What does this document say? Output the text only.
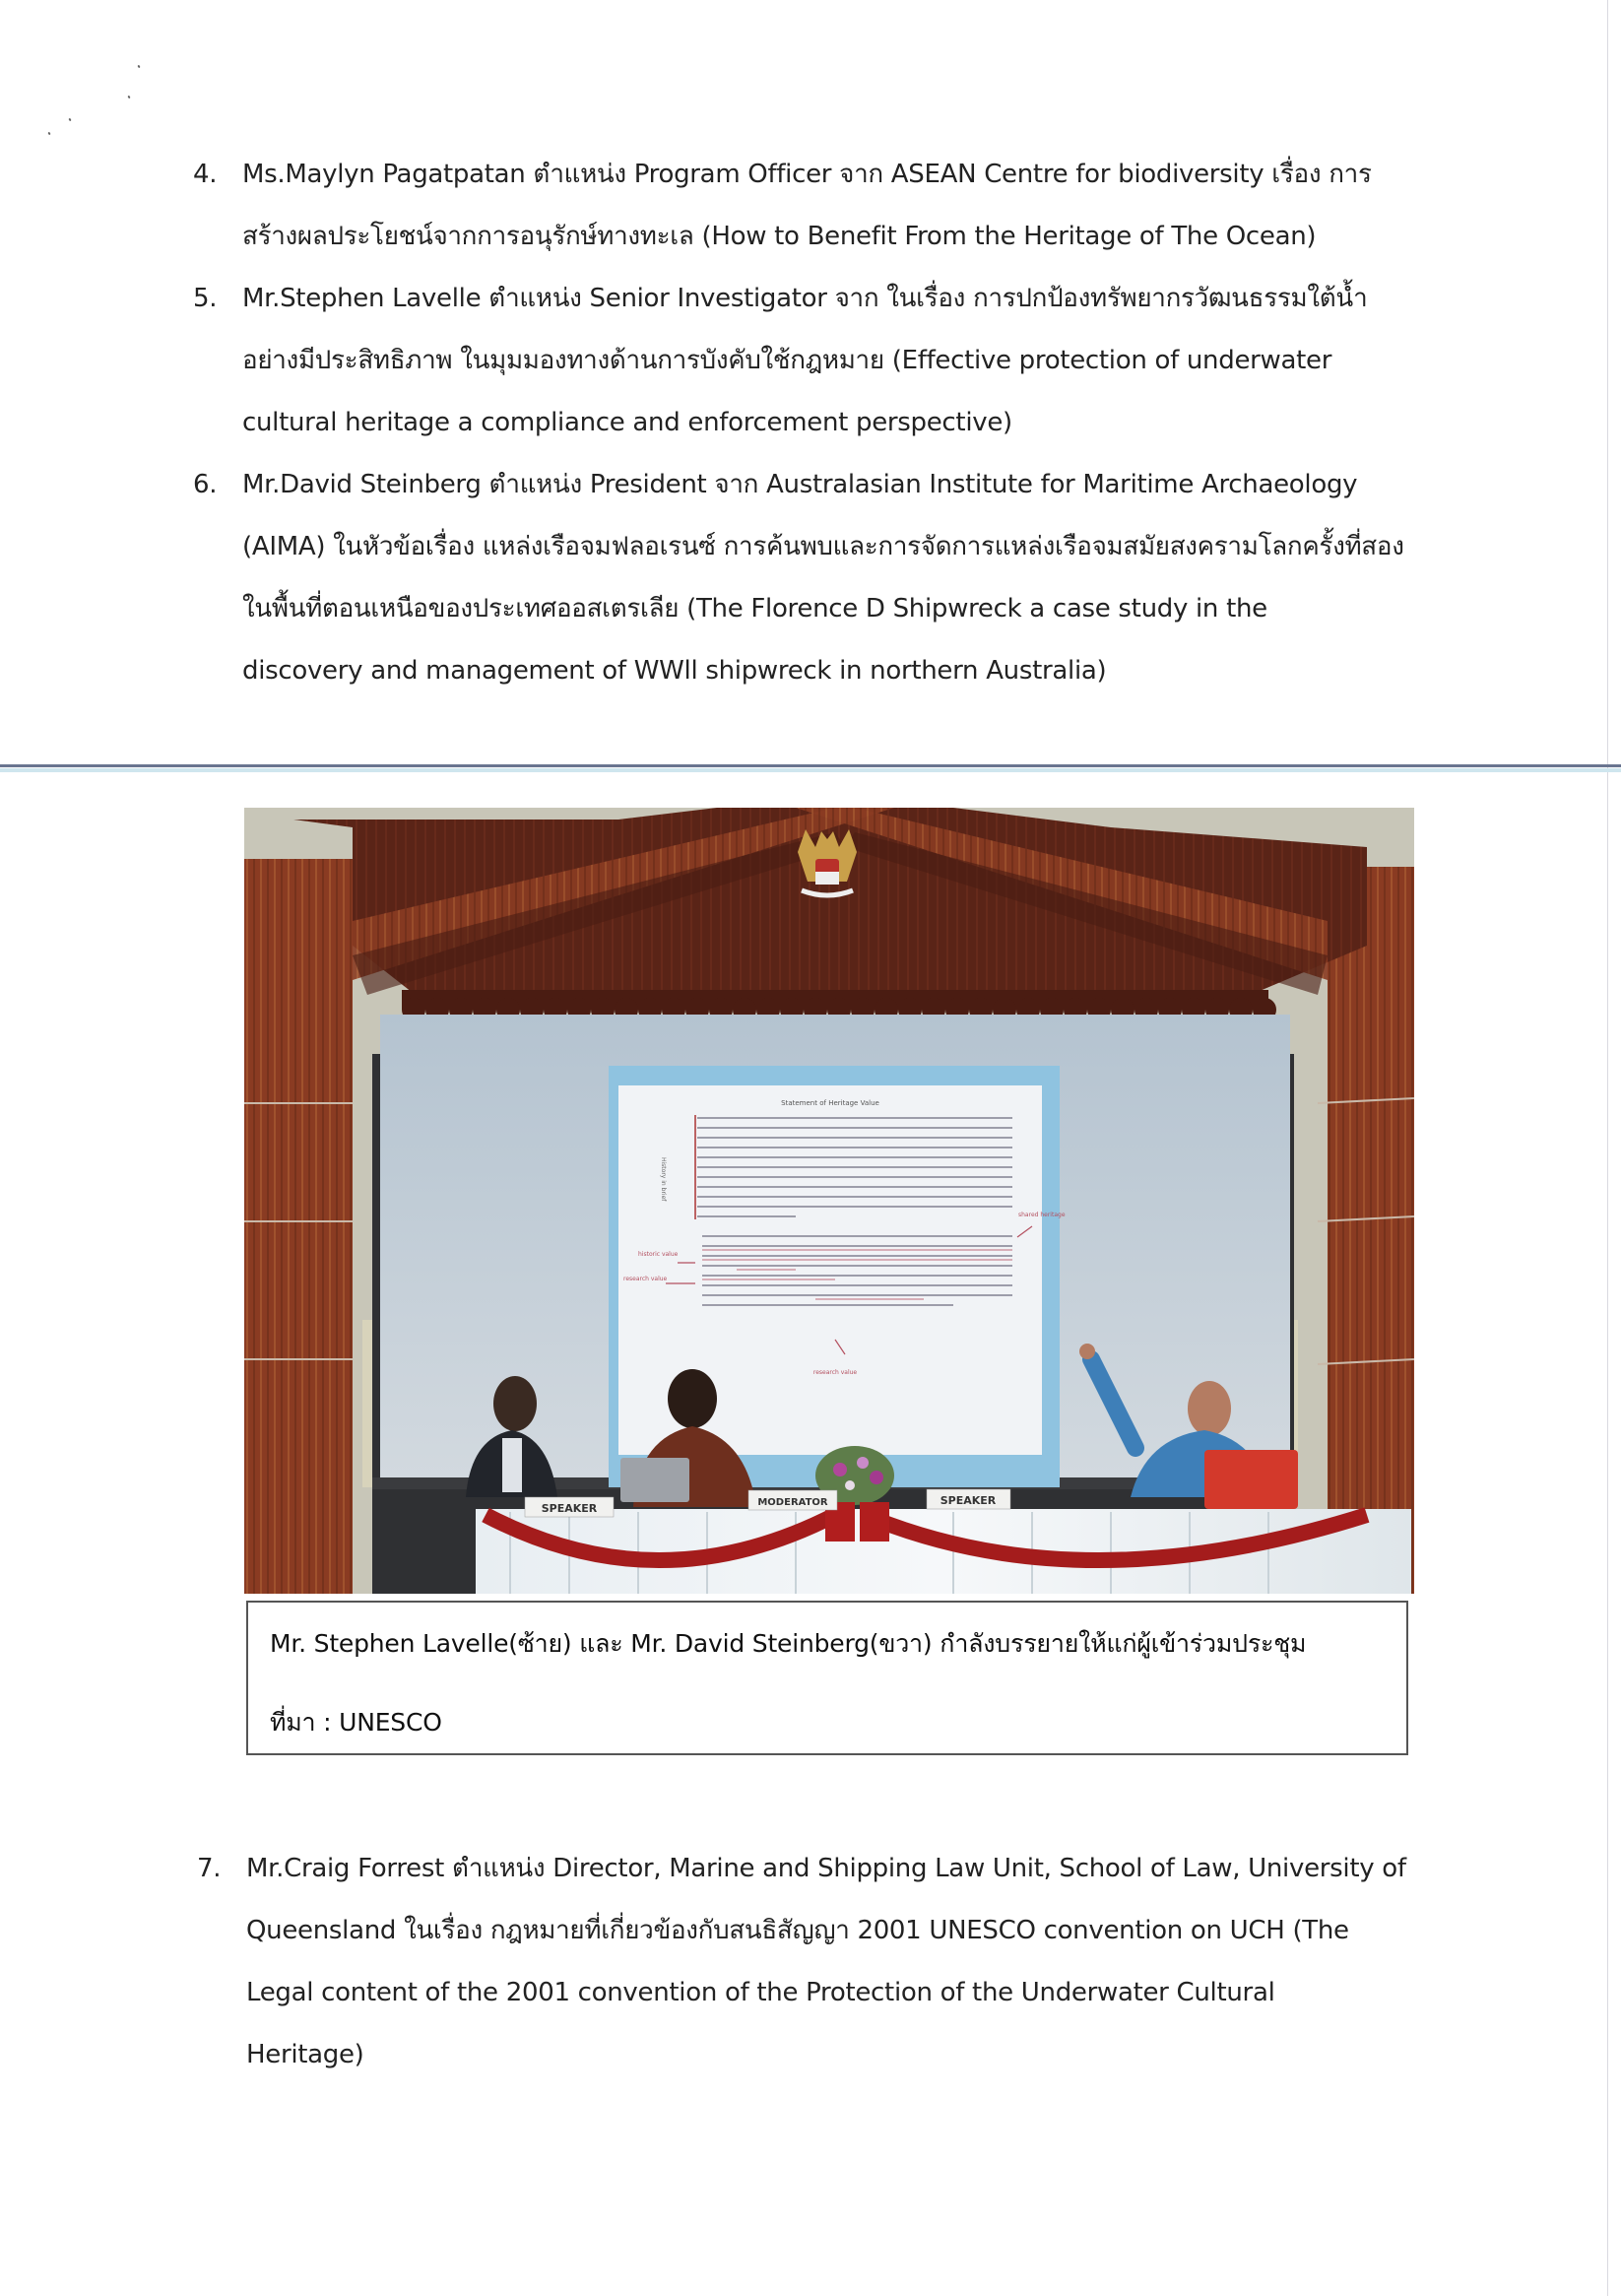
4. Ms.Maylyn Pagatpatan ตำแหน่ง Program Officer จาก ASEAN Centre for biodiversity เรื่อง การ
สร้างผลประโยชน์จากการอนุรักษ์ทางทะเล (How to Benefit From the Heritage of The Ocean)
5. Mr.Stephen Lavelle ตำแหน่ง Senior Investigator จาก ในเรื่อง การปกป้องทรัพยากรวัฒนธรรมใต้น้ำ
อย่างมีประสิทธิภาพ ในมุมมองทางด้านการบังคับใช้กฎหมาย (Effective protection of underwater
cultural heritage a compliance and enforcement perspective)
6. Mr.David Steinberg ตำแหน่ง President จาก Australasian Institute for Maritime Archaeology
(AIMA) ในหัวข้อเรื่อง แหล่งเรือจมฟลอเรนซ์ การค้นพบและการจัดการแหล่งเรือจมสมัยสงครามโลกครั้งที่สอง
ในพื้นที่ตอนเหนือของประเทศออสเตรเลีย (The Florence D Shipwreck a case study in the
discovery and management of WWll shipwreck in northern Australia)
Statement of Heritage Value
History in brief
shared heritage
historic value
research value
research value
SPEAKER	MODERATOR	SPEAKER
Mr. Stephen Lavelle(ซ้าย) และ Mr. David Steinberg(ขวา) กำลังบรรยายให้แก่ผู้เข้าร่วมประชุม
ที่มา : UNESCO
7. Mr.Craig Forrest ตำแหน่ง Director, Marine and Shipping Law Unit, School of Law, University of
Queensland ในเรื่อง กฎหมายที่เกี่ยวข้องกับสนธิสัญญา 2001 UNESCO convention on UCH (The
Legal content of the 2001 convention of the Protection of the Underwater Cultural
Heritage)
